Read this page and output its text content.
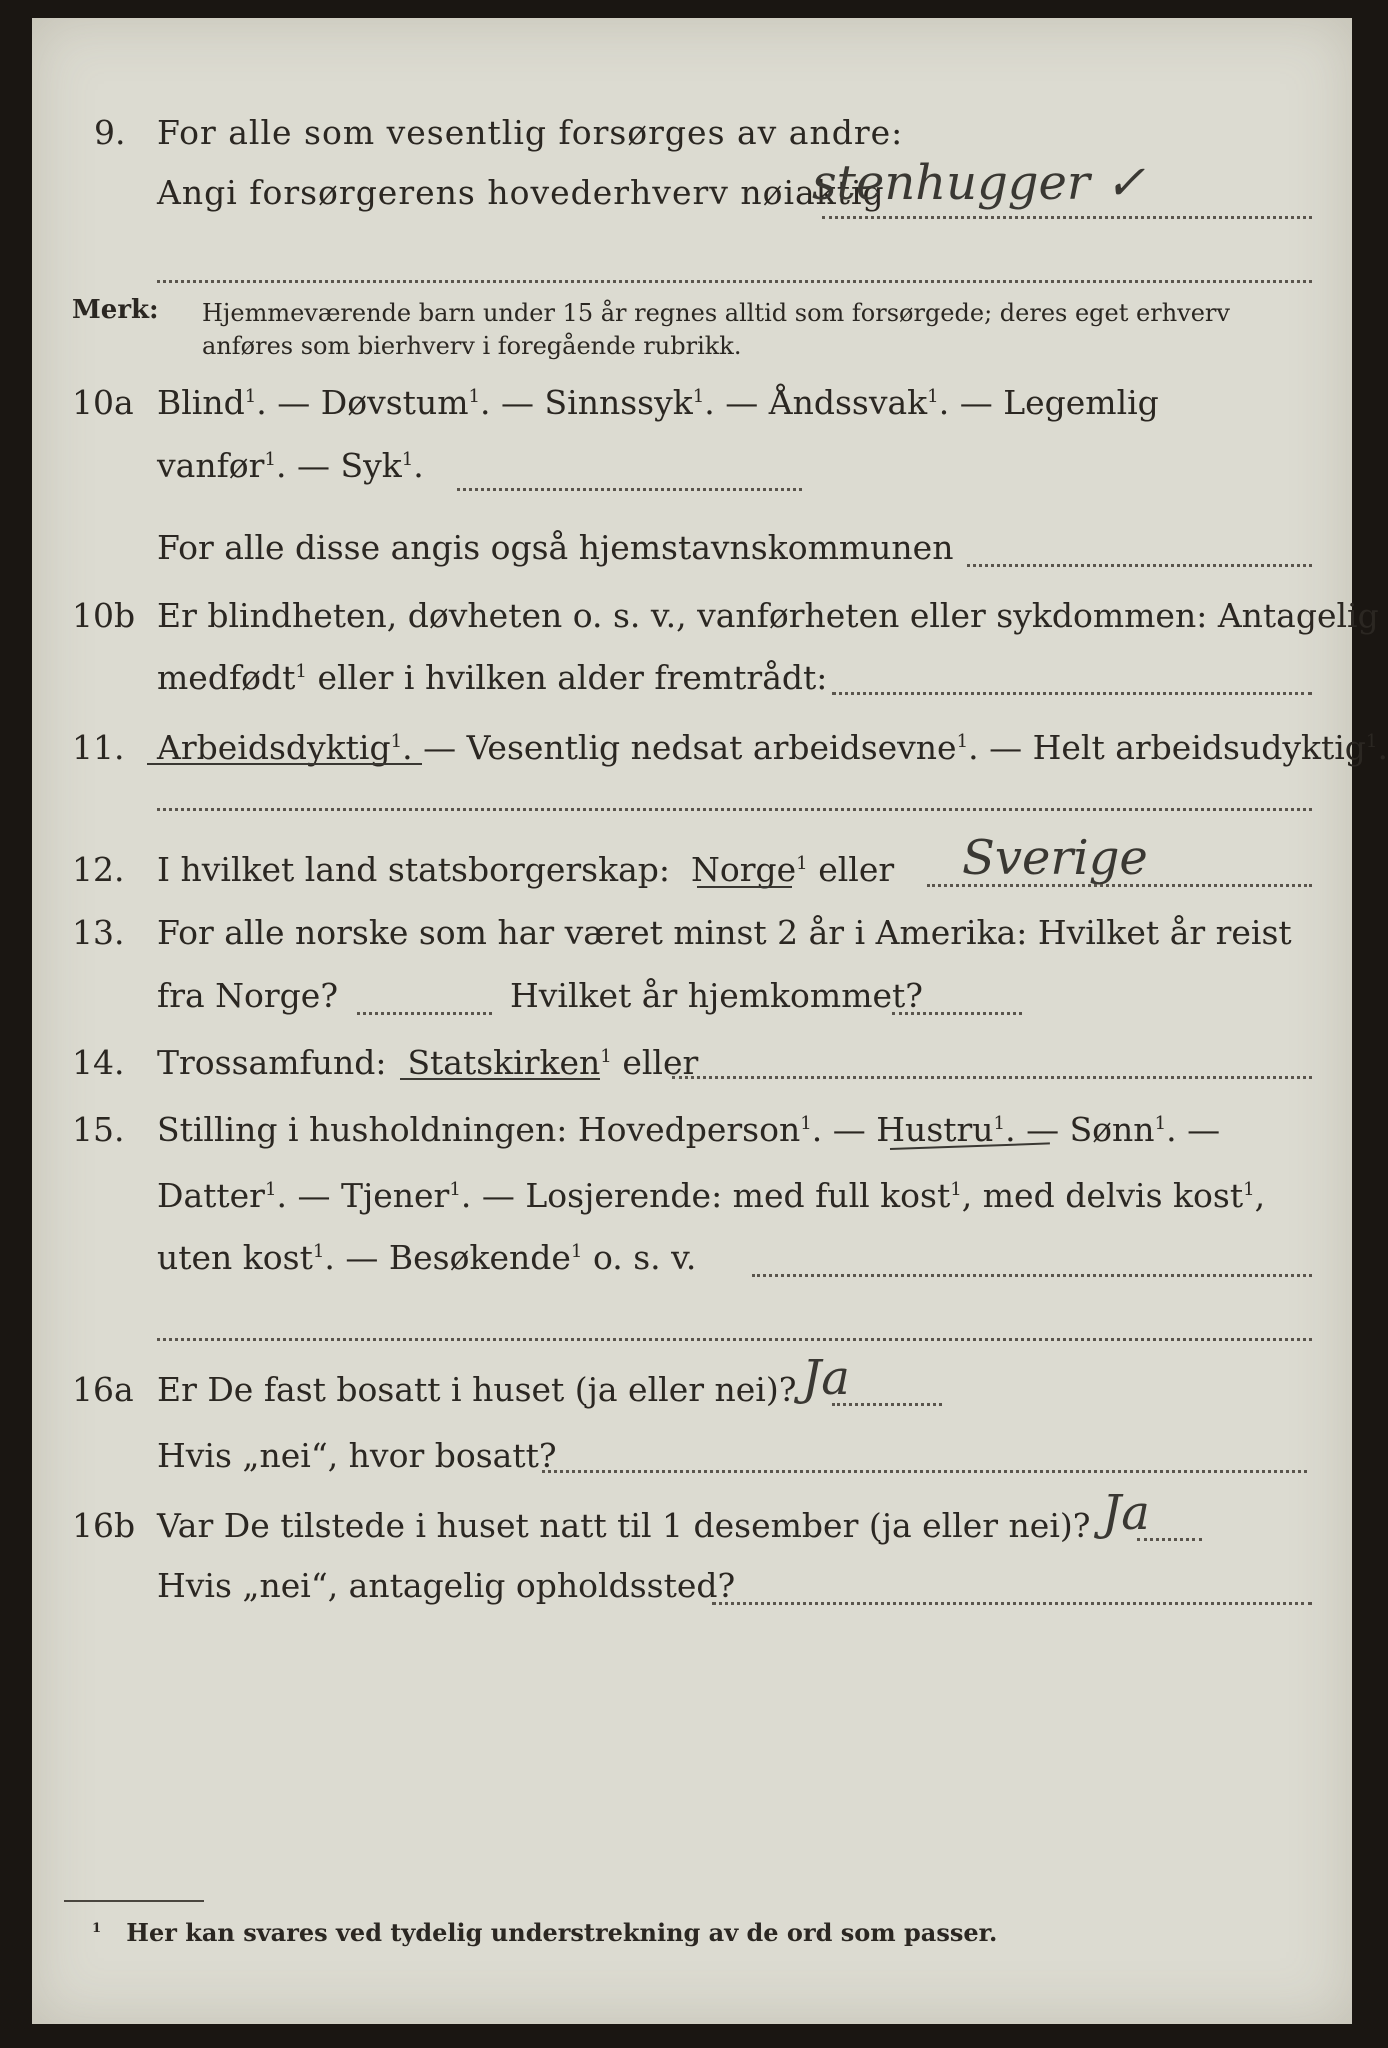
9. For alle som vesentlig forsørges av andre:
Angi forsørgerens hovederhverv nøiaktig
stenhugger ✓
Merk: Hjemmeværende barn under 15 år regnes alltid som forsørgede; deres eget erhverv
anføres som bierhverv i foregående rubrikk.
10a Blind$^1$. — Døvstum$^1$. — Sinnssyk$^1$. — Åndssvak$^1$. — Legemlig
vanfør$^1$. — Syk$^1$.
For alle disse angis også hjemstavnskommunen
10b Er blindheten, døvheten o. s. v., vanførheten eller sykdommen: Antagelig
medfødt$^1$ eller i hvilken alder fremtrådt:
11. Arbeidsdyktig$^1$. — Vesentlig nedsat arbeidsevne$^1$. — Helt arbeidsudyktig$^1$.
12. I hvilket land statsborgerskap: Norge$^1$ eller Sverige
13. For alle norske som har været minst 2 år i Amerika: Hvilket år reist
fra Norge?	Hvilket år hjemkommet?
14. Trossamfund: Statskirken$^1$ eller
15. Stilling i husholdningen: Hovedperson$^1$. — Hustru$^1$. — Sønn$^1$. —
Datter$^1$. — Tjener$^1$. — Losjerende: med full kost$^1$, med delvis kost$^1$,
uten kost$^1$. — Besøkende$^1$ o. s. v.
16a Er De fast bosatt i huset (ja eller nei)? Ja
Hvis „nei“, hvor bosatt?
16b Var De tilstede i huset natt til 1 desember (ja eller nei)? Ja
Hvis „nei“, antagelig opholdssted?
$^1$ Her kan svares ved tydelig understrekning av de ord som passer.
